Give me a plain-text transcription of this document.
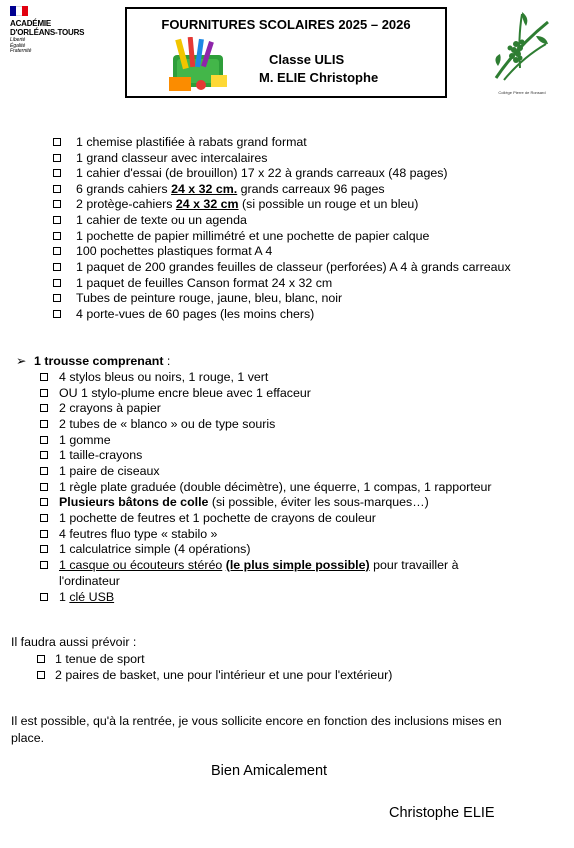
ACADÉMIE
D'ORLÉANS-TOURS
Liberté
Égalité
Fraternité
FOURNITURES SCOLAIRES 2025 – 2026
Classe ULIS
M. ELIE Christophe
Collège Pierre de Ronsard
1 chemise plastifiée à rabats grand format
1 grand classeur avec intercalaires
1 cahier d'essai (de brouillon) 17 x 22 à grands carreaux (48 pages)
6 grands cahiers 24 x 32 cm. grands carreaux 96 pages
2 protège-cahiers 24 x 32 cm (si possible un rouge et un bleu)
1 cahier de texte ou un agenda
1 pochette de papier millimétré et une pochette de papier calque
100 pochettes plastiques format A 4
1 paquet de 200 grandes feuilles de classeur (perforées) A 4 à grands carreaux
1 paquet de feuilles Canson format 24 x 32 cm
Tubes de peinture rouge, jaune, bleu, blanc, noir
4 porte-vues de 60 pages (les moins chers)
➢ 1 trousse comprenant :
4 stylos bleus ou noirs, 1 rouge, 1 vert
OU 1 stylo-plume encre bleue avec 1 effaceur
2 crayons à papier
2 tubes de « blanco » ou de type souris
1 gomme
1 taille-crayons
1 paire de ciseaux
1 règle plate graduée (double décimètre), une équerre, 1 compas, 1 rapporteur
Plusieurs bâtons de colle (si possible, éviter les sous-marques…)
1 pochette de feutres et 1 pochette de crayons de couleur
4 feutres fluo type « stabilo »
1 calculatrice simple (4 opérations)
1 casque ou écouteurs stéréo (le plus simple possible) pour travailler à
l'ordinateur
1 clé USB
Il faudra aussi prévoir :
1 tenue de sport
2 paires de basket, une pour l'intérieur et une pour l'extérieur)
Il est possible, qu'à la rentrée, je vous sollicite encore en fonction des inclusions mises en
place.
Bien Amicalement
Christophe ELIE
